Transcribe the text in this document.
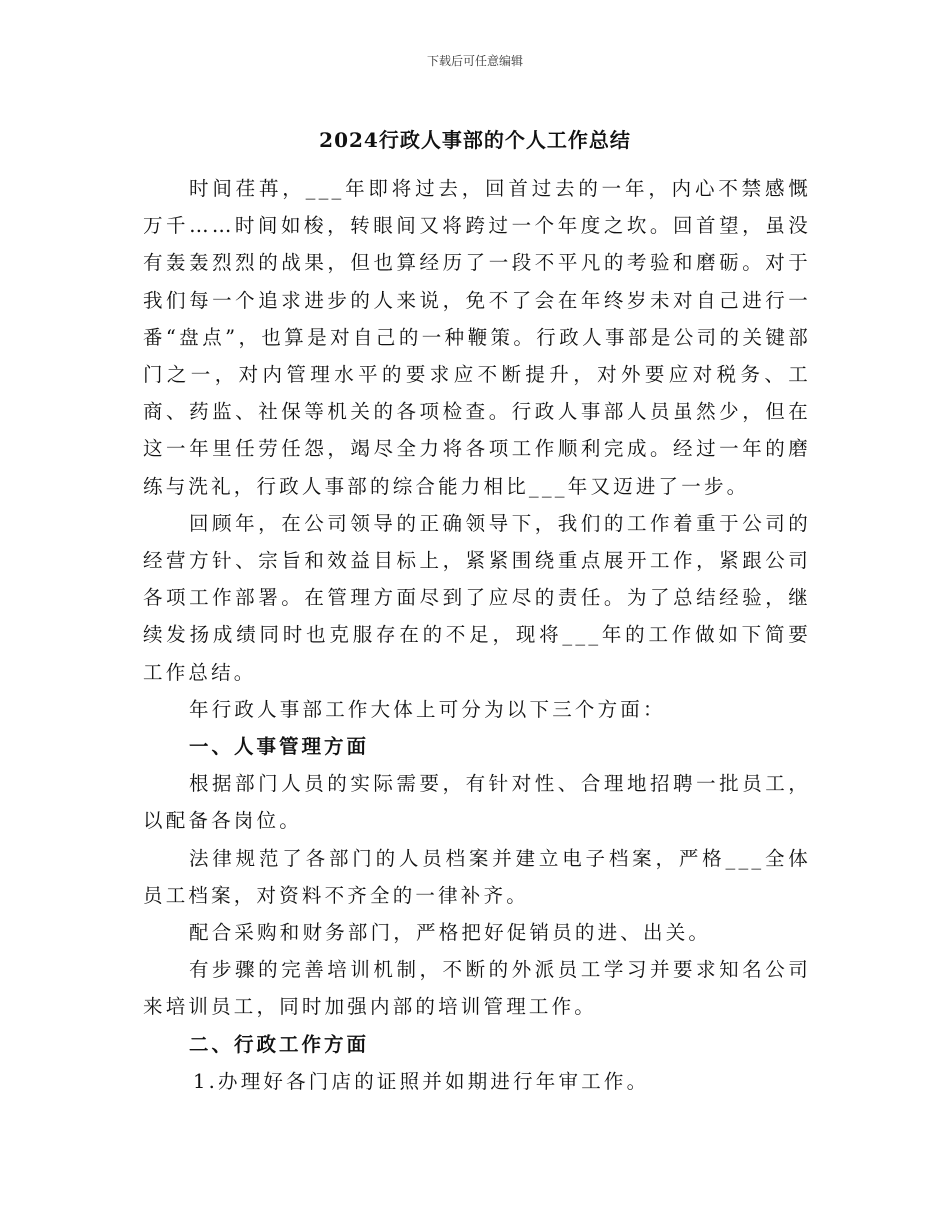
下载后可任意编辑
2024行政人事部的个人工作总结

时间荏苒，___年即将过去，回首过去的一年，内心不禁感慨万千……时间如梭，转眼间又将跨过一个年度之坎。回首望，虽没有轰轰烈烈的战果，但也算经历了一段不平凡的考验和磨砺。对于我们每一个追求进步的人来说，免不了会在年终岁未对自己进行一番“盘点”，也算是对自己的一种鞭策。行政人事部是公司的关键部门之一，对内管理水平的要求应不断提升，对外要应对税务、工商、药监、社保等机关的各项检查。行政人事部人员虽然少，但在这一年里任劳任怨，竭尽全力将各项工作顺利完成。经过一年的磨练与洗礼，行政人事部的综合能力相比___年又迈进了一步。

回顾年，在公司领导的正确领导下，我们的工作着重于公司的经营方针、宗旨和效益目标上，紧紧围绕重点展开工作，紧跟公司各项工作部署。在管理方面尽到了应尽的责任。为了总结经验，继续发扬成绩同时也克服存在的不足，现将___年的工作做如下简要工作总结。

年行政人事部工作大体上可分为以下三个方面：

一、人事管理方面

根据部门人员的实际需要，有针对性、合理地招聘一批员工，以配备各岗位。

法律规范了各部门的人员档案并建立电子档案，严格___全体员工档案，对资料不齐全的一律补齐。

配合采购和财务部门，严格把好促销员的进、出关。

有步骤的完善培训机制，不断的外派员工学习并要求知名公司来培训员工，同时加强内部的培训管理工作。

二、行政工作方面

1.办理好各门店的证照并如期进行年审工作。
